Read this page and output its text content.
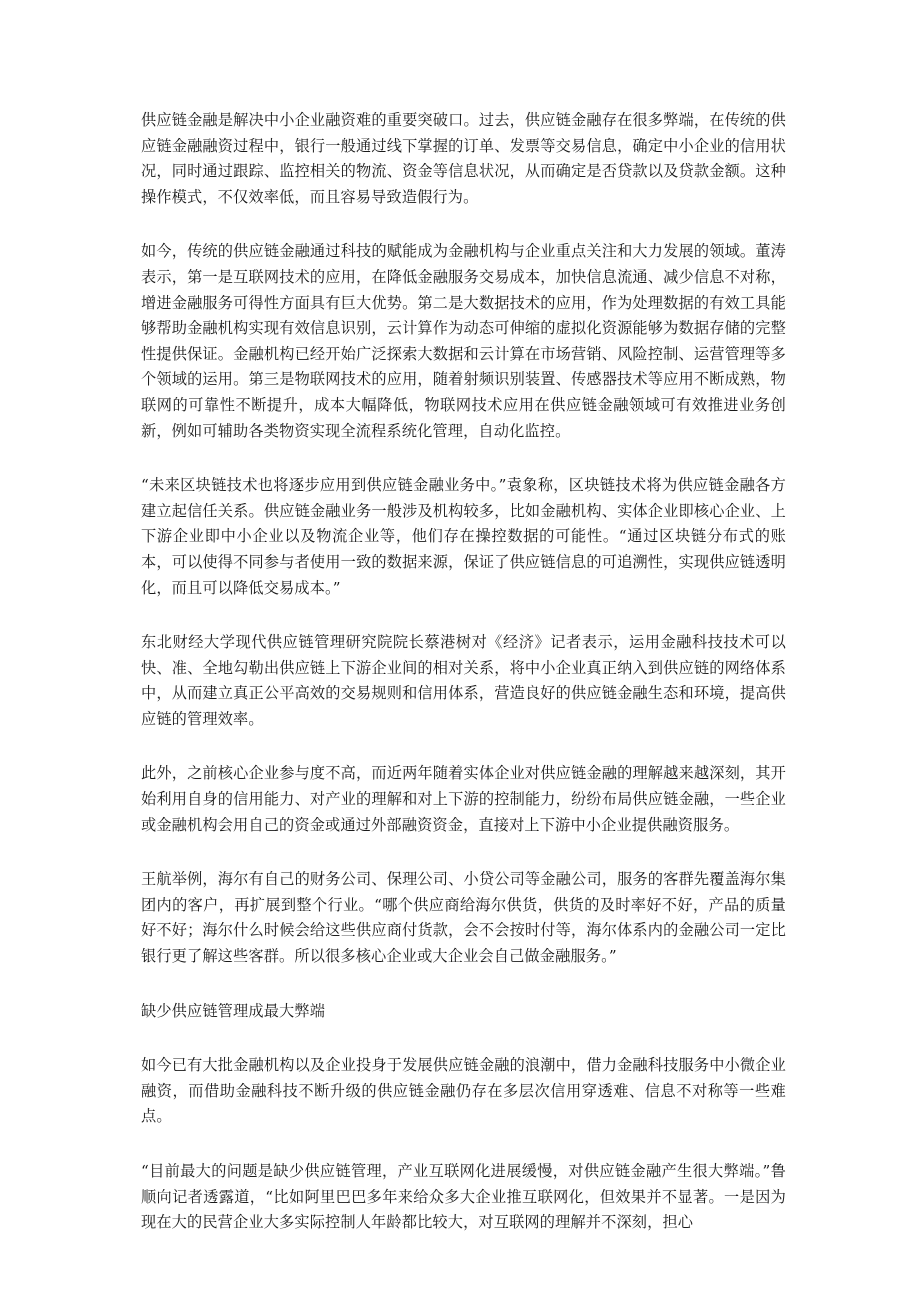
供应链金融是解决中小企业融资难的重要突破口。过去，供应链金融存在很多弊端，在传统的供应链金融融资过程中，银行一般通过线下掌握的订单、发票等交易信息，确定中小企业的信用状况，同时通过跟踪、监控相关的物流、资金等信息状况，从而确定是否贷款以及贷款金额。这种操作模式，不仅效率低，而且容易导致造假行为。

如今，传统的供应链金融通过科技的赋能成为金融机构与企业重点关注和大力发展的领域。董涛表示，第一是互联网技术的应用，在降低金融服务交易成本，加快信息流通、减少信息不对称，增进金融服务可得性方面具有巨大优势。第二是大数据技术的应用，作为处理数据的有效工具能够帮助金融机构实现有效信息识别，云计算作为动态可伸缩的虚拟化资源能够为数据存储的完整性提供保证。金融机构已经开始广泛探索大数据和云计算在市场营销、风险控制、运营管理等多个领域的运用。第三是物联网技术的应用，随着射频识别装置、传感器技术等应用不断成熟，物联网的可靠性不断提升，成本大幅降低，物联网技术应用在供应链金融领域可有效推进业务创新，例如可辅助各类物资实现全流程系统化管理，自动化监控。

“未来区块链技术也将逐步应用到供应链金融业务中。”袁象称，区块链技术将为供应链金融各方建立起信任关系。供应链金融业务一般涉及机构较多，比如金融机构、实体企业即核心企业、上下游企业即中小企业以及物流企业等，他们存在操控数据的可能性。“通过区块链分布式的账本，可以使得不同参与者使用一致的数据来源，保证了供应链信息的可追溯性，实现供应链透明化，而且可以降低交易成本。”

东北财经大学现代供应链管理研究院院长蔡港树对《经济》记者表示，运用金融科技技术可以快、准、全地勾勒出供应链上下游企业间的相对关系，将中小企业真正纳入到供应链的网络体系中，从而建立真正公平高效的交易规则和信用体系，营造良好的供应链金融生态和环境，提高供应链的管理效率。

此外，之前核心企业参与度不高，而近两年随着实体企业对供应链金融的理解越来越深刻，其开始利用自身的信用能力、对产业的理解和对上下游的控制能力，纷纷布局供应链金融，一些企业或金融机构会用自己的资金或通过外部融资资金，直接对上下游中小企业提供融资服务。

王航举例，海尔有自己的财务公司、保理公司、小贷公司等金融公司，服务的客群先覆盖海尔集团内的客户，再扩展到整个行业。“哪个供应商给海尔供货，供货的及时率好不好，产品的质量好不好；海尔什么时候会给这些供应商付货款，会不会按时付等，海尔体系内的金融公司一定比银行更了解这些客群。所以很多核心企业或大企业会自己做金融服务。”

缺少供应链管理成最大弊端

如今已有大批金融机构以及企业投身于发展供应链金融的浪潮中，借力金融科技服务中小微企业融资，而借助金融科技不断升级的供应链金融仍存在多层次信用穿透难、信息不对称等一些难点。

“目前最大的问题是缺少供应链管理，产业互联网化进展缓慢，对供应链金融产生很大弊端。”鲁顺向记者透露道，“比如阿里巴巴多年来给众多大企业推互联网化，但效果并不显著。一是因为现在大的民营企业大多实际控制人年龄都比较大，对互联网的理解并不深刻，担心
